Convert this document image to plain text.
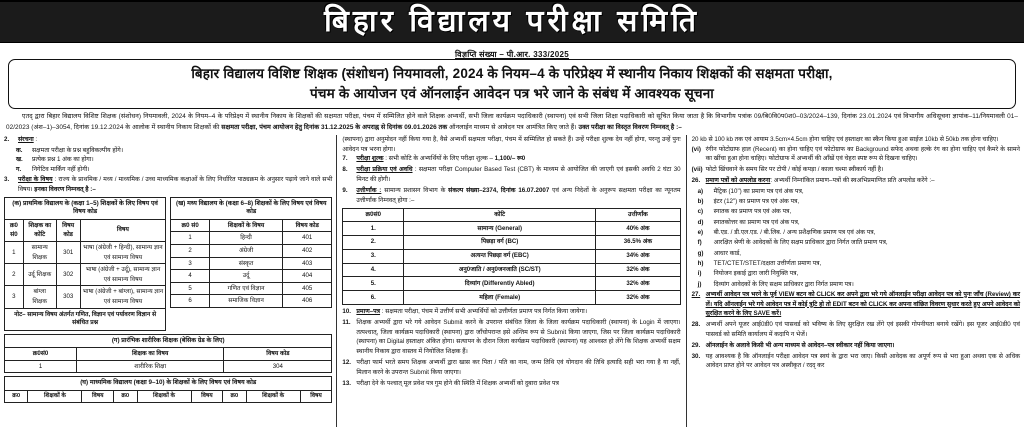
बिहार विद्यालय परीक्षा समिति
विज्ञप्ति संख्या – पी.आर. 333/2025
बिहार विद्यालय विशिष्ट शिक्षक (संशोधन) नियमावली, 2024 के नियम–4 के परिप्रेक्ष्य में स्थानीय निकाय शिक्षकों की सक्षमता परीक्षा,
पंचम के आयोजन एवं ऑनलाईन आवेदन पत्र भरे जाने के संबंध में आवश्यक सूचना
एतद् द्वारा बिहार विद्यालय विशिष्ट शिक्षक (संशोधन) नियमावली, 2024 के नियम–4 के परिप्रेक्ष्य में स्थानीय निकाय के शिक्षकों की सक्षमता परीक्षा, पंचम में सम्मिलित होने वाले शिक्षक अभ्यर्थी, सभी जिला कार्यक्रम पदाधिकारी (स्थापना) एवं सभी जिला शिक्षा पदाधिकारी को सूचित किया जाता है कि विभागीय पत्रांक 09/बि0वि0प0श0–03/2024–139, दिनांक 23.01.2024 एवं विभागीय अधिसूचना ज्ञापांक–11/नियमावली 01–02/2023 (अंश–1)–3054, दिनांक 19.12.2024 के आलोक में स्थानीय निकाय शिक्षकों की सक्षमता परीक्षा, पंचम आयोजन हेतु दिनांक 31.12.2025 के अपराह्न से दिनांक 09.01.2026 तक ऑनलाईन माध्यम से आवेदन पत्र आमंत्रित किए जाते हैं। उक्त परीक्षा का विस्तृत विवरण निम्नवत् है :–
2.	संरचना :
क.	सक्षमता परीक्षा के प्रश्न बहुविकल्पीय होंगे।
ख.	प्रत्येक प्रश्न 1 अंक का होगा।
ग.	निगेटिव मार्किंग नहीं होगी।
3.	परीक्षा के विषय : राज्य के प्राथमिक / मध्य / माध्यमिक / उच्च माध्यमिक कक्षाओं के लिए निर्धारित पाठ्यक्रम के अनुसार पढ़ाये जाने वाले सभी विषय। इनका विवरण निम्नवत् है :–
(क) प्राथमिक विद्यालय के (कक्षा 1–5) शिक्षकों के लिए विषय एवं विषय कोड
क्र0 सं0	शिक्षक का कोटि	विषय कोड	विषय
1	सामान्य शिक्षक	301	भाषा (अंग्रेजी + हिन्दी), सामान्य ज्ञान एवं सामान्य विषय
2	उर्दू शिक्षक	302	भाषा (अंग्रेजी + उर्दू), सामान्य ज्ञान एवं सामान्य विषय
3	बांग्ला शिक्षक	303	भाषा (अंग्रेजी + बांग्ला), सामान्य ज्ञान एवं सामान्य विषय
नोट– सामान्य विषय अंतर्गत गणित, विज्ञान एवं पर्यावरण विज्ञान से संबंधित प्रश्न			
(ख) मध्य विद्यालय के (कक्षा 6–8) शिक्षकों के लिए विषय एवं विषय कोड
क्र0 सं0	शिक्षकों के विषय	विषय कोड
1	हिन्दी	401
2	अंग्रेजी	402
3	संस्कृत	403
4	उर्दू	404
5	गणित एवं विज्ञान	405
6	समाजिक विज्ञान	406
(ग) प्रारंभिक शारीरिक शिक्षक (बेसिक ग्रेड के लिए)
क्र0सं0	शिक्षक का विषय	विषय कोड
1	शारीरिक शिक्षा	304
(घ) माध्यमिक विद्यालय (कक्षा 9–10) के शिक्षकों के लिए विषय एवं विषय कोड
क्र0	शिक्षकों के	विषय	क्र0	शिक्षकों के	विषय	क्र0	शिक्षकों के	विषय
(स्थापना) द्वारा अनुमोदन नहीं किया गया है, वैसे अभ्यर्थी सक्षमता परीक्षा, पंचम में सम्मिलित हो सकते हैं। उन्हें परीक्षा शुल्क देय नहीं होगा, परन्तु उन्हें पुनः आवेदन पत्र भरना होगा।
7.	परीक्षा शुल्क : सभी कोटि के अभ्यर्थियों के लिए परीक्षा शुल्क – 1,100/– रू0
8.	परीक्षा प्रक्रिया एवं अवधि : सक्षमता परीक्षा Computer Based Test (CBT) के माध्यम से आयोजित की जाएगी एवं इसकी अवधि 2 घंटा 30 मिनट की होगी।
9.	उत्तीर्णांक : सामान्य प्रशासन विभाग के संकल्प संख्या–2374, दिनांक 16.07.2007 एवं अन्य निदेशों के अनुरूप सक्षमता परीक्षा का न्यूनतम उत्तीर्णांक निम्नवत् होगा :–
क्र0सं0	कोटि	उत्तीर्णांक
1.	सामान्य (General)	40% अंक
2.	पिछड़ा वर्ग (BC)	36.5% अंक
3.	अत्यन्त पिछड़ा वर्ग (EBC)	34% अंक
4.	अनु0जाति / अनु0जनजाति (SC/ST)	32% अंक
5.	दिव्यांग (Differently Abled)	32% अंक
6.	महिला (Female)	32% अंक
10. प्रमाण–पत्र : सक्षमता परीक्षा, पंचम में उत्तीर्ण सभी अभ्यर्थियों को उत्तीर्णता प्रमाण पत्र निर्गत किया जायेगा।
11. शिक्षक अभ्यर्थी द्वारा भरे गये आवेदन Submit करने के उपरान्त संबंधित जिला के जिला कार्यक्रम पदाधिकारी (स्थापना) के Login में जाएगा। तत्पश्चात्, जिला कार्यक्रम पदाधिकारी (स्थापना) द्वारा जाँचोपरान्त इसे अन्तिम रूप से Submit किया जाएगा, जिस पर जिला कार्यक्रम पदाधिकारी (स्थापना) का Digital हस्ताक्षर अंकित होगा। सत्यापन के दौरान जिला कार्यक्रम पदाधिकारी (स्थापना) यह आश्वस्त हो लेंगे कि शिक्षक अभ्यर्थी सक्षम स्थानीय निकाय द्वारा वास्तव में नियोजित शिक्षक हैं।
12. परीक्षा फार्म भरते समय शिक्षक अभ्यर्थी द्वारा खास कर पिता / पति का नाम, जन्म तिथि एवं योगदान की तिथि इत्यादि सही भरा गया है या नहीं, मिलान करने के उपरान्त Submit किया जाएगा।
13. परीक्षा देने के पश्चात् मूल प्रवेश पत्र गुम होने की स्थिति में शिक्षक अभ्यर्थी को दुबारा प्रवेश पत्र
20 kb से 100 kb तक एवं आयाम 3.5cm×4.5cm होना चाहिए एवं हस्ताक्षर का स्कैन किया हुआ साईज 10kb से 50kb तक होना चाहिए।
(vi) रंगीन फोटोग्राफ हाल (Recent) का होना चाहिए एवं फोटोग्राफ का Background सफेद अथवा हल्के रंग का होना चाहिए एवं कैमरे के सामने का खींचा हुआ होना चाहिए। फोटोग्राफ में अभ्यर्थी की आँखें एवं चेहरा स्पष्ट रूप से दिखना चाहिए।
(vii) फोटो खिंचवाने के समय सिर पर टोपी / कोई कपड़ा / काला चश्मा स्वीकार्य नहीं है।
26. प्रमाण पत्रों को अपलोड करना: अभ्यर्थी निम्नांकित प्रमाण–पत्रों की स्वअभिप्रमाणित प्रति अपलोड करेंगे :–
a)	मैट्रिक (10") का प्रमाण पत्र एवं अंक पत्र,
b)	इंटर (12") का प्रमाण पत्र एवं अंक पत्र,
c)	स्नातक का प्रमाण पत्र एवं अंक पत्र,
d)	स्नातकोत्तर का प्रमाण पत्र एवं अंक पत्र,
e)	बी.एड. / डी.एल.एड. / बी.लिब. / अन्य प्रशैक्षणिक प्रमाण पत्र एवं अंक पत्र,
f)	आरक्षित श्रेणी के आवेदकों के लिए सक्षम प्राधिकार द्वारा निर्गत जाति प्रमाण पत्र,
g)	आधार कार्ड,
h)	TET/CTET/STET/दक्षता उत्तीर्णता प्रमाण पत्र,
i)	नियोजन इकाई द्वारा जारी नियुक्ति पत्र,
j)	दिव्यांग आवेदकों के लिए सक्षम प्राधिकार द्वारा निर्गत प्रमाण पत्र।
27. अभ्यर्थी आवेदन पत्र भरने के पूर्व VIEW बटन को CLICK कर अपने द्वारा भरे गये ऑनलाईन परीक्षा आवेदन पत्र को पुनः जाँच (Review) कर लें। यदि ऑनलाईन भरे गये आवेदन पत्र में कोई त्रुटि हो तो EDIT बटन को CLICK कर अपना वांछित विवरण सुधार करते हुए अपने आवेदन को सुरक्षित करने के लिए SAVE करें।
28. अभ्यर्थी अपने यूजर आई0डी0 एवं पासवर्ड को भविष्य के लिए सुरक्षित रख लेंगे एवं इसकी गोपनीयता बनाये रखेंगे। इस यूजर आई0डी0 एवं पासवर्ड को समिति कार्यालय में कदापि न भेजें।
29. ऑनलाईन के अलावे किसी भी अन्य माध्यम से आवेदन–पत्र स्वीकार नहीं किया जाएगा।
30. यह आवश्यक है कि ऑनलाईन परीक्षा आवेदन पत्र स्वयं के द्वारा भरा जाए। किसी आवेदक का अपूर्ण रूप से भरा हुआ अथवा एक से अधिक आवेदन प्राप्त होने पर आवेदन पत्र अस्वीकृत / रदद् कर
